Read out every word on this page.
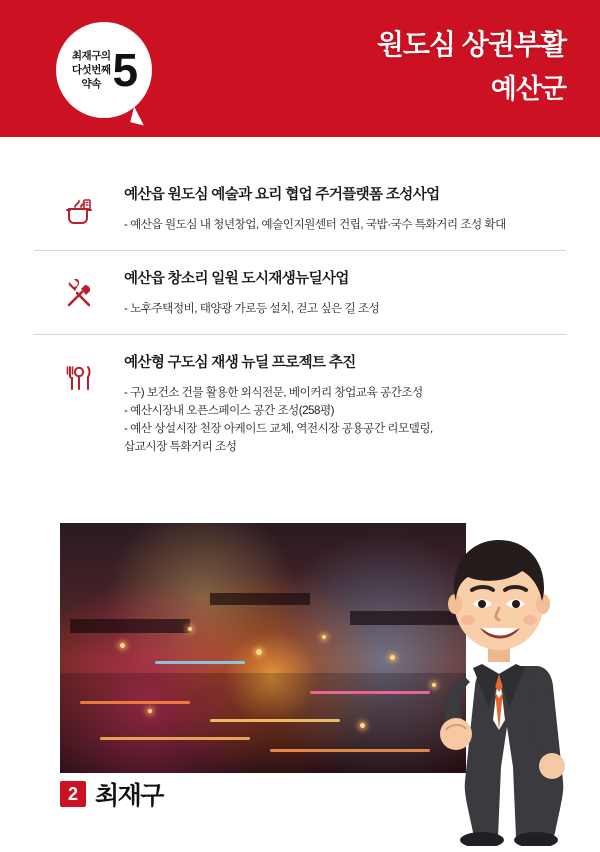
최재구의
다섯번째
약속 5	원도심 상권부활
예산군
예산읍 원도심 예술과 요리 협업 주거플랫폼 조성사업
- 예산읍 원도심 내 청년창업, 예술인지원센터 건립, 국밥·국수 특화거리 조성 확대
예산읍 창소리 일원 도시재생뉴딜사업
- 노후주택정비, 태양광 가로등 설치, 걷고 싶은 길 조성
예산형 구도심 재생 뉴딜 프로젝트 추진
- 구) 보건소 건물 활용한 외식전문, 베이커리 창업교육 공간조성
- 예산시장내 오픈스페이스 공간 조성(258평)
- 예산 상설시장 천장 아케이드 교체, 역전시장 공용공간 리모델링,
삽교시장 특화거리 조성
2 최재구
